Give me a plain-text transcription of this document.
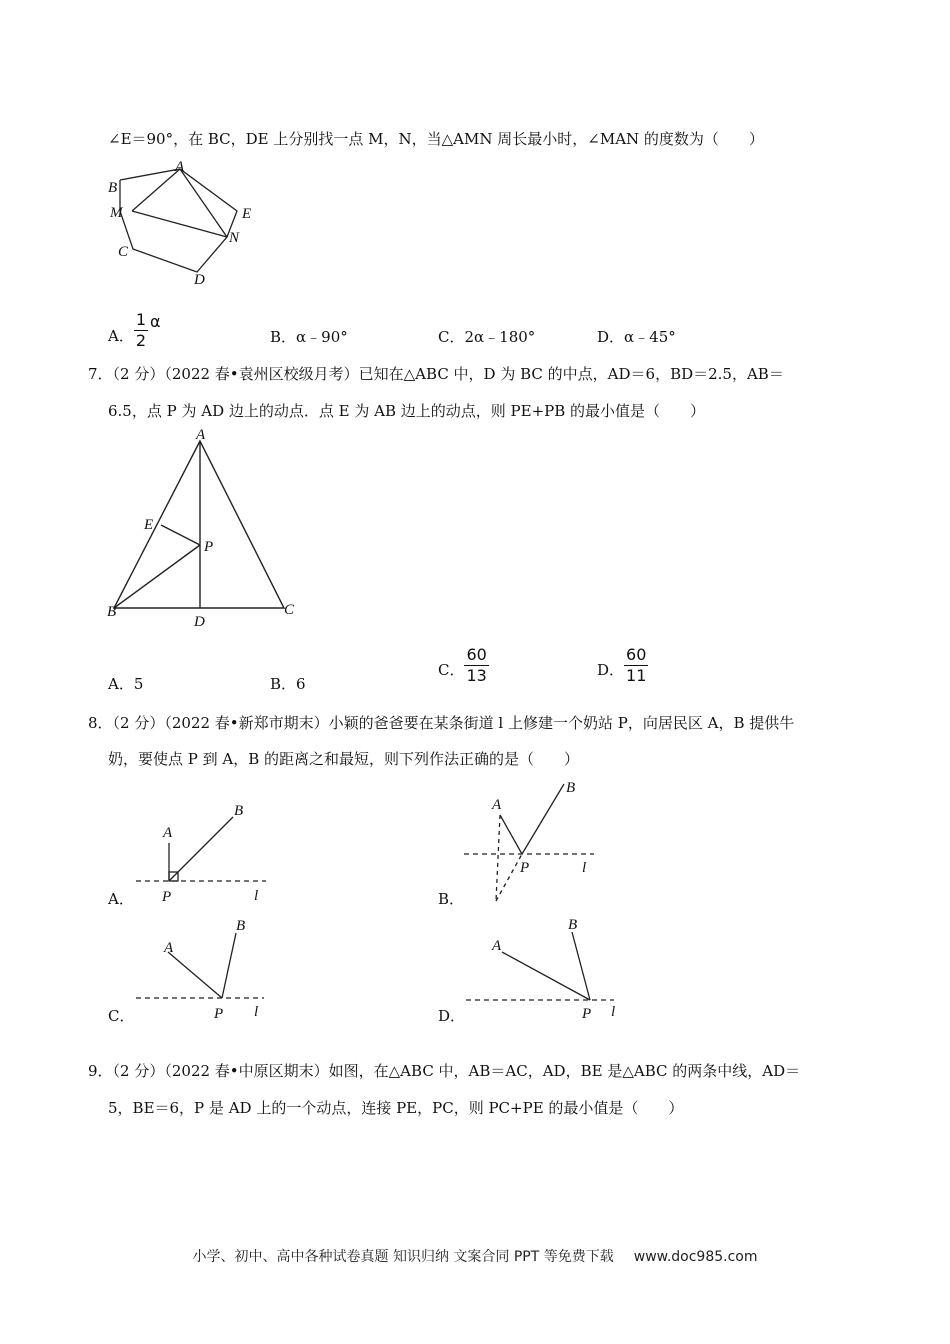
∠E＝90°，在 BC，DE 上分别找一点 M，N，当△AMN 周长最小时，∠MAN 的度数为（　　）
A
B
M	E
N
C
D
A． $\frac{1}{2}$ α
B．α﹣90°	C．2α﹣180°	D．α﹣45°
7．（2 分）（2022 春•袁州区校级月考）已知在△ABC 中，D 为 BC 的中点，AD＝6，BD＝2.5，AB＝
6.5，点 P 为 AD 边上的动点．点 E 为 AB 边上的动点，则 PE+PB 的最小值是（　　）
A
E
P
B	C
D
A．5	B．6
C． $\frac{60}{13}$	D． $\frac{60}{11}$
8．（2 分）（2022 春•新郑市期末）小颖的爸爸要在某条街道 l 上修建一个奶站 P，向居民区 A，B 提供牛
奶，要使点 P 到 A，B 的距离之和最短，则下列作法正确的是（　　）
A．
A
B
P	l	B．
A
B
P	l
C．
A
B
P l	D．
A
B
P l
9．（2 分）（2022 春•中原区期末）如图，在△ABC 中，AB＝AC，AD，BE 是△ABC 的两条中线，AD＝
5，BE＝6，P 是 AD 上的一个动点，连接 PE，PC，则 PC+PE 的最小值是（　　）
小学、初中、高中各种试卷真题 知识归纳 文案合同 PPT 等免费下载 www.doc985.com
